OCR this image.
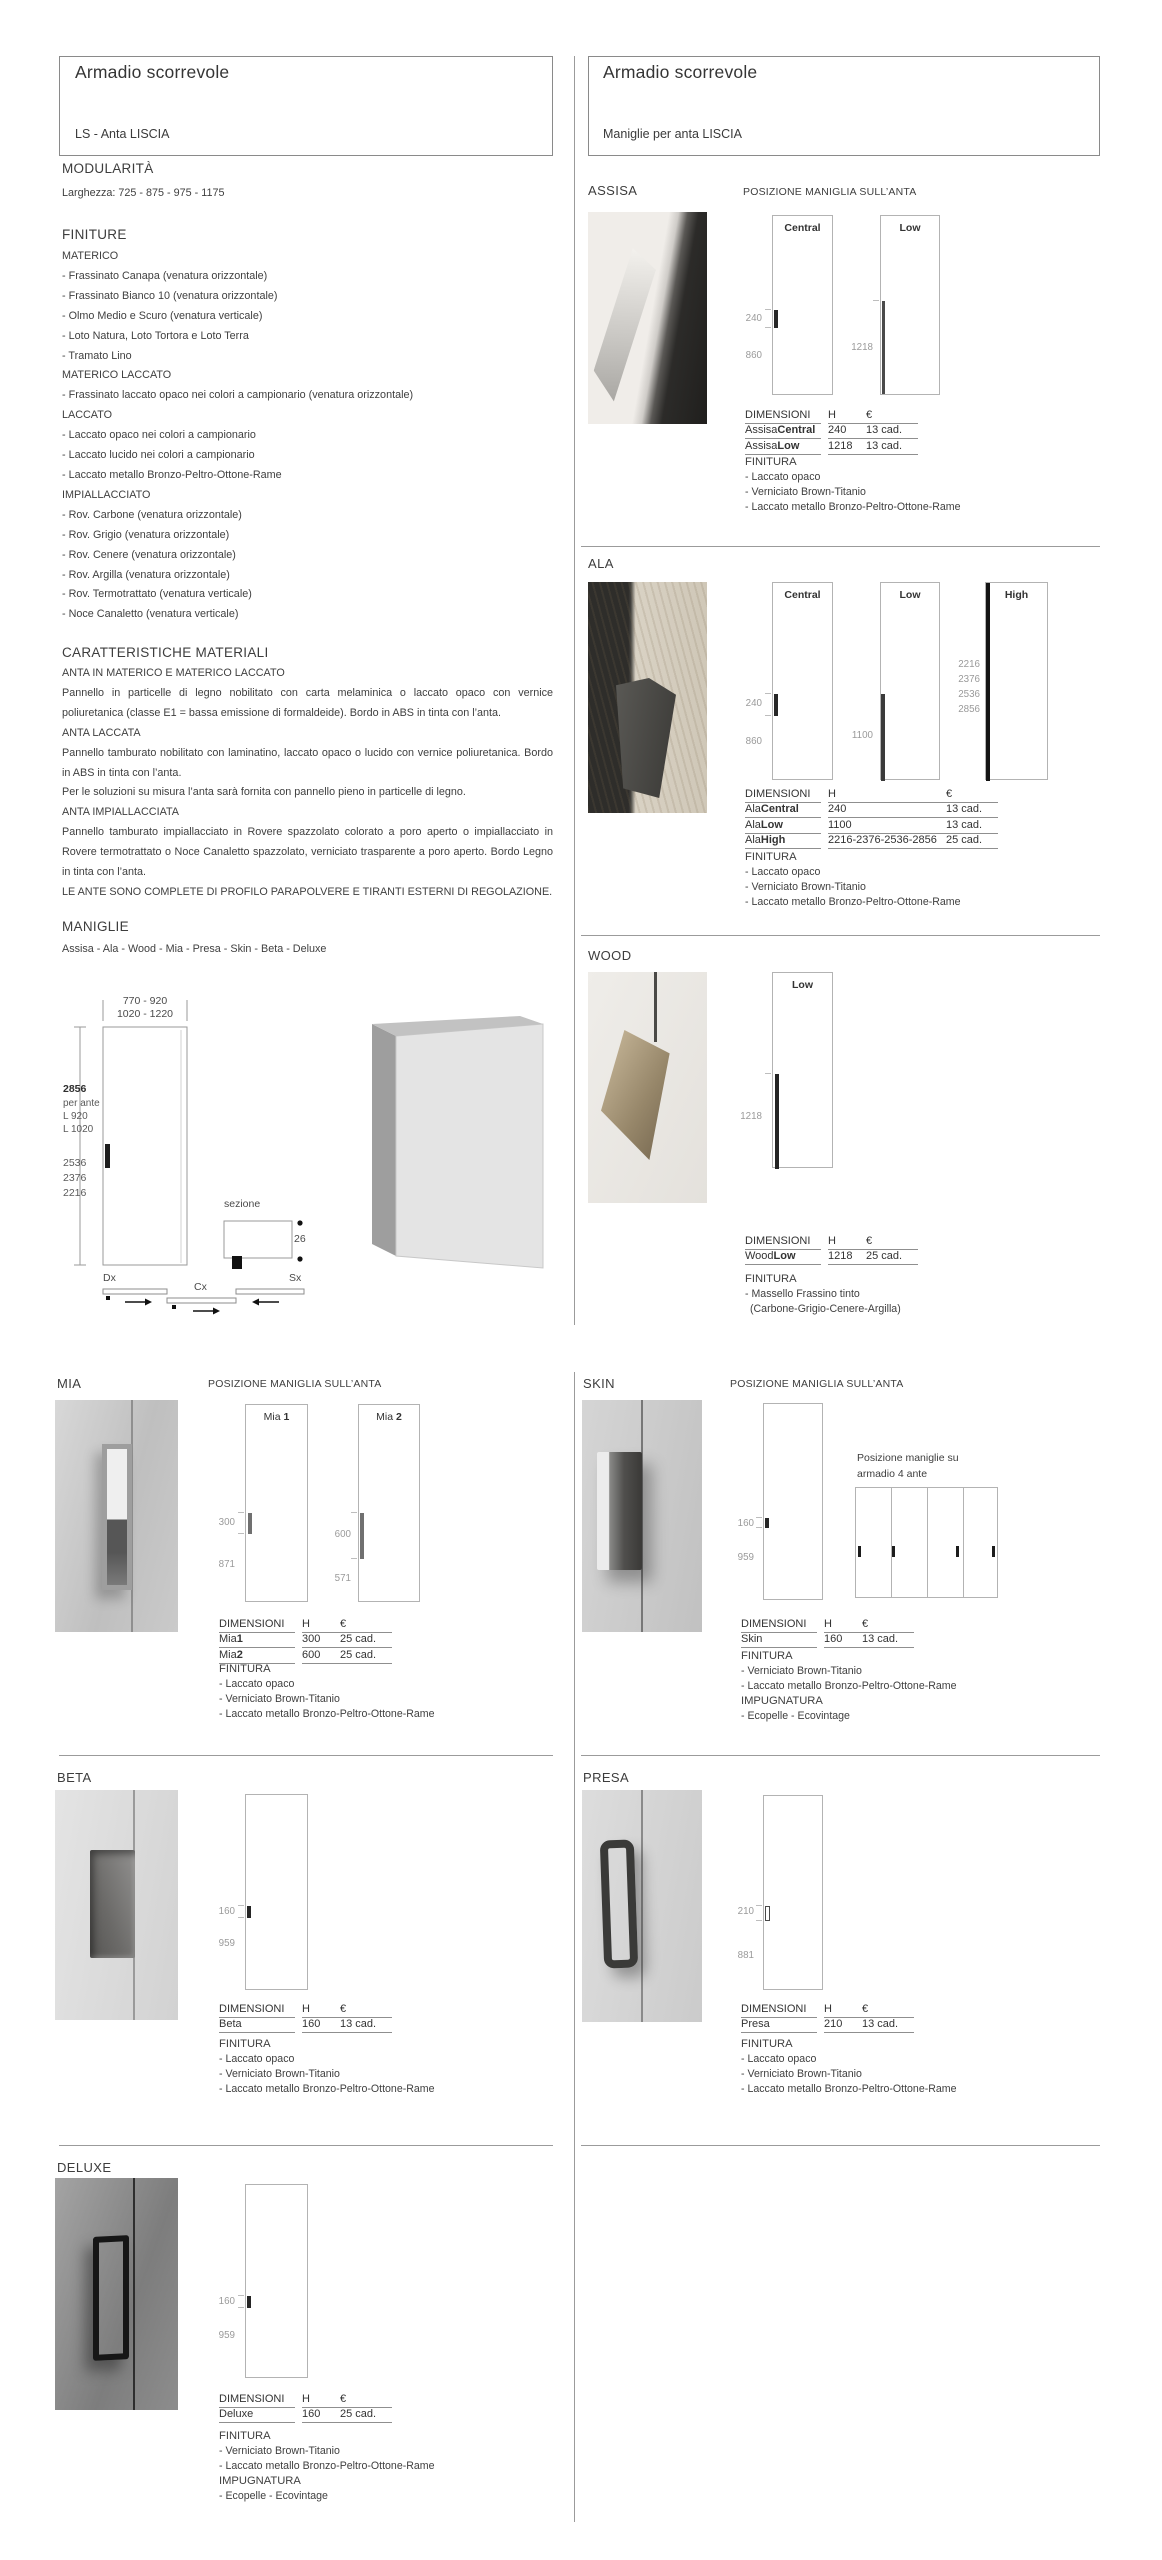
Armadio scorrevole
LS - Anta LISCIA
Armadio scorrevole
Maniglie per anta LISCIA
MODULARITÀ
Larghezza: 725 - 875 - 975 - 1175
FINITURE
MATERICO
- Frassinato Canapa (venatura orizzontale)
- Frassinato Bianco 10 (venatura orizzontale)
- Olmo Medio e Scuro (venatura verticale)
- Loto Natura, Loto Tortora e Loto Terra
- Tramato Lino
MATERICO LACCATO
- Frassinato laccato opaco nei colori a campionario (venatura orizzontale)
LACCATO
- Laccato opaco nei colori a campionario
- Laccato lucido nei colori a campionario
- Laccato metallo Bronzo-Peltro-Ottone-Rame
IMPIALLACCIATO
- Rov. Carbone (venatura orizzontale)
- Rov. Grigio (venatura orizzontale)
- Rov. Cenere (venatura orizzontale)
- Rov. Argilla (venatura orizzontale)
- Rov. Termotrattato (venatura verticale)
- Noce Canaletto (venatura verticale)
CARATTERISTICHE MATERIALI
ANTA IN MATERICO E MATERICO LACCATO
Pannello in particelle di legno nobilitato con carta melaminica o laccato opaco con vernice poliuretanica (classe E1 = bassa emissione di formaldeide). Bordo in ABS in tinta con l’anta.
ANTA LACCATA
Pannello tamburato nobilitato con laminatino, laccato opaco o lucido con vernice poliuretanica. Bordo in ABS in tinta con l’anta.
Per le soluzioni su misura l’anta sarà fornita con pannello pieno in particelle di legno.
ANTA IMPIALLACCIATA
Pannello tamburato impiallacciato in Rovere spazzolato colorato a poro aperto o impiallacciato in Rovere termotrattato o Noce Canaletto spazzolato, verniciato trasparente a poro aperto. Bordo Legno in tinta con l’anta.
LE ANTE SONO COMPLETE DI PROFILO PARAPOLVERE E TIRANTI ESTERNI DI REGOLAZIONE.
MANIGLIE
Assisa - Ala - Wood - Mia - Presa - Skin - Beta - Deluxe
770 - 920
1020 - 1220
2856
per ante
L 920
L 1020
2536
2376
2216
sezione
26
Dx
Cx
Sx
ASSISA	POSIZIONE MANIGLIA SULL’ANTA
Central
240
860
Low
1218
DIMENSIONI	H	€
Assisa Central 240	13 cad.
Assisa Low	1218	13 cad.
FINITURA
- Laccato opaco
- Verniciato Brown-Titanio
- Laccato metallo Bronzo-Peltro-Ottone-Rame
ALA
Central
240
860
Low
1100
High
2216
2376
2536
2856
DIMENSIONI	H	€
Ala Central	240	13 cad.
Ala Low	1100	13 cad.
Ala High	2216-2376-2536-2856 25 cad.
FINITURA
- Laccato opaco
- Verniciato Brown-Titanio
- Laccato metallo Bronzo-Peltro-Ottone-Rame
WOOD
Low
1218
DIMENSIONI	H	€
Wood Low	1218	25 cad.
FINITURA
- Massello Frassino tinto
(Carbone-Grigio-Cenere-Argilla)
MIA	POSIZIONE MANIGLIA SULL’ANTA
Mia 1
300
871
Mia 2
600
571
DIMENSIONI	H	€
Mia 1	300	25 cad.
Mia 2	600	25 cad.
FINITURA
- Laccato opaco
- Verniciato Brown-Titanio
- Laccato metallo Bronzo-Peltro-Ottone-Rame
SKIN	POSIZIONE MANIGLIA SULL’ANTA
160
959
Posizione maniglie su
armadio 4 ante
DIMENSIONI	H	€
Skin	160	13 cad.
FINITURA
- Verniciato Brown-Titanio
- Laccato metallo Bronzo-Peltro-Ottone-Rame
IMPUGNATURA
- Ecopelle - Ecovintage
BETA
160
959
DIMENSIONI	H	€
Beta	160	13 cad.
FINITURA
- Laccato opaco
- Verniciato Brown-Titanio
- Laccato metallo Bronzo-Peltro-Ottone-Rame
PRESA
210
881
DIMENSIONI	H	€
Presa	210	13 cad.
FINITURA
- Laccato opaco
- Verniciato Brown-Titanio
- Laccato metallo Bronzo-Peltro-Ottone-Rame
DELUXE
160
959
DIMENSIONI	H	€
Deluxe	160	25 cad.
FINITURA
- Verniciato Brown-Titanio
- Laccato metallo Bronzo-Peltro-Ottone-Rame
IMPUGNATURA
- Ecopelle - Ecovintage
